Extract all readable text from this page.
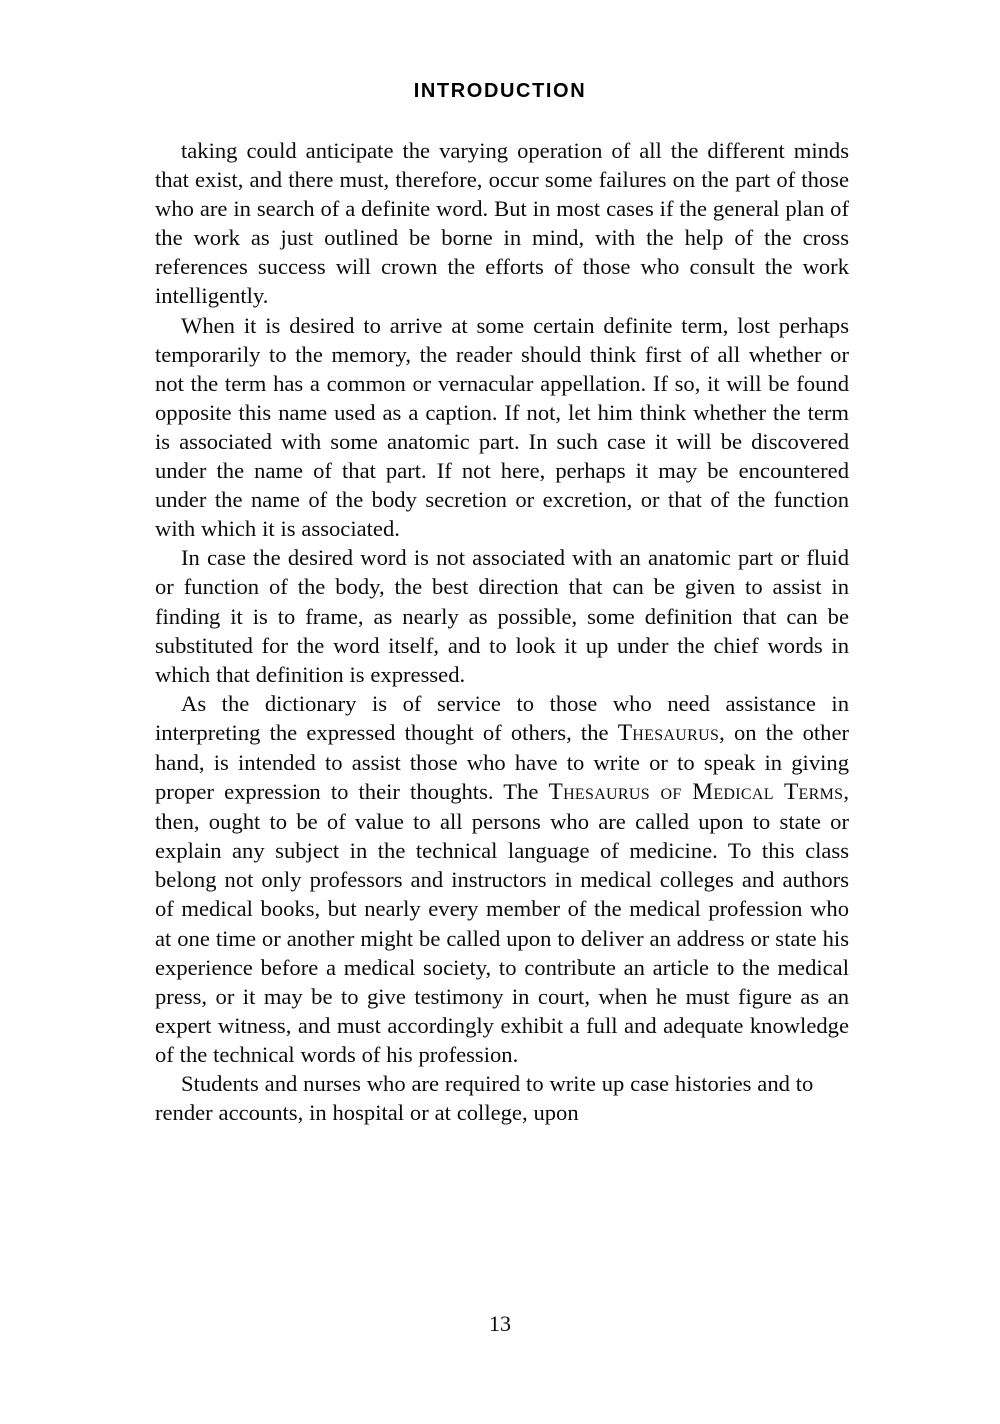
INTRODUCTION

taking could anticipate the varying operation of all the different minds that exist, and there must, therefore, occur some failures on the part of those who are in search of a definite word. But in most cases if the general plan of the work as just outlined be borne in mind, with the help of the cross references success will crown the efforts of those who consult the work intelligently.

When it is desired to arrive at some certain definite term, lost perhaps temporarily to the memory, the reader should think first of all whether or not the term has a common or vernacular appellation. If so, it will be found opposite this name used as a caption. If not, let him think whether the term is associated with some anatomic part. In such case it will be discovered under the name of that part. If not here, perhaps it may be encountered under the name of the body secretion or excretion, or that of the function with which it is associated.

In case the desired word is not associated with an anatomic part or fluid or function of the body, the best direction that can be given to assist in finding it is to frame, as nearly as possible, some definition that can be substituted for the word itself, and to look it up under the chief words in which that definition is expressed.

As the dictionary is of service to those who need assistance in interpreting the expressed thought of others, the Thesaurus, on the other hand, is intended to assist those who have to write or to speak in giving proper expression to their thoughts. The Thesaurus of Medical Terms, then, ought to be of value to all persons who are called upon to state or explain any subject in the technical language of medicine. To this class belong not only professors and instructors in medical colleges and authors of medical books, but nearly every member of the medical profession who at one time or another might be called upon to deliver an address or state his experience before a medical society, to contribute an article to the medical press, or it may be to give testimony in court, when he must figure as an expert witness, and must accordingly exhibit a full and adequate knowledge of the technical words of his profession.

Students and nurses who are required to write up case histories and to render accounts, in hospital or at college, upon

13
